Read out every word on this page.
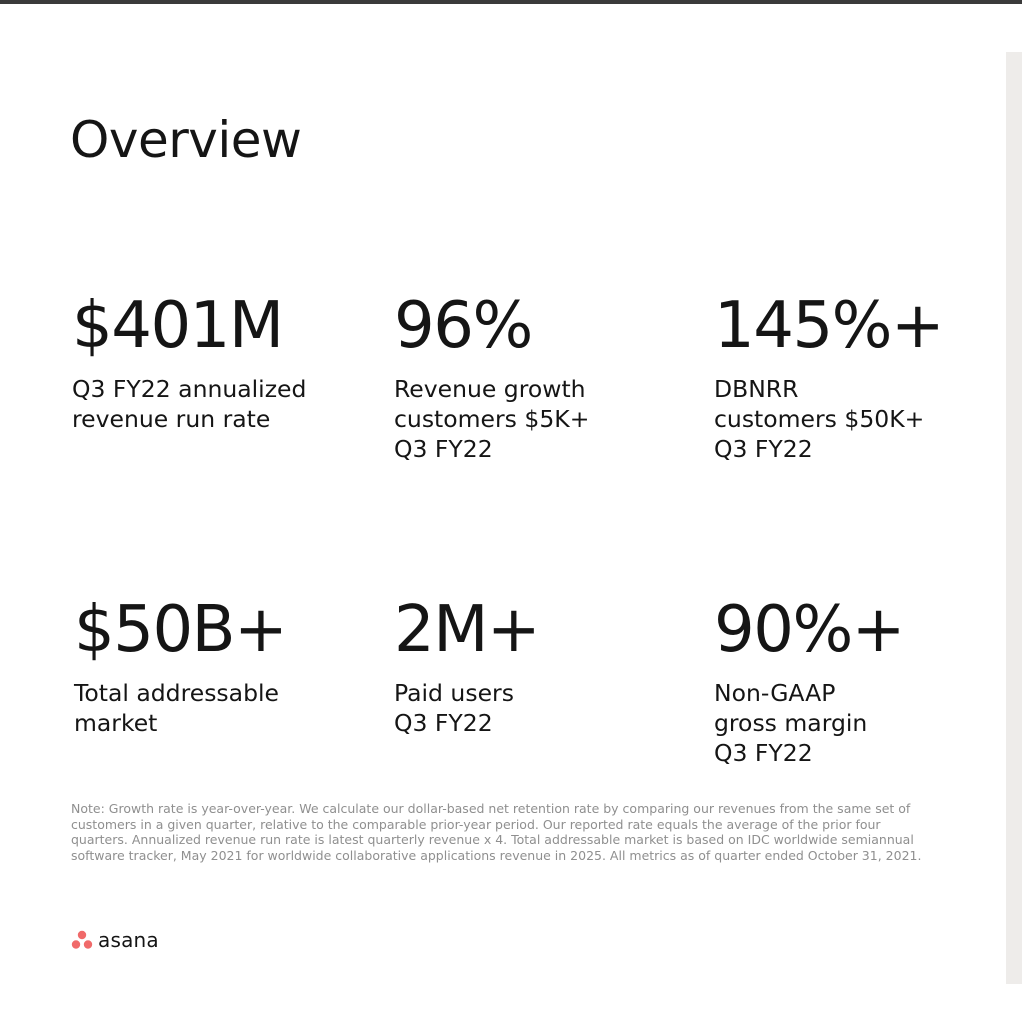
Overview
$401M
Q3 FY22 annualized
revenue run rate
96%
Revenue growth
customers $5K+
Q3 FY22
145%+
DBNRR
customers $50K+
Q3 FY22
$50B+
Total addressable
market
2M+
Paid users
Q3 FY22
90%+
Non-GAAP
gross margin
Q3 FY22

Note: Growth rate is year-over-year. We calculate our dollar-based net retention rate by comparing our revenues from the same set of customers in a given quarter, relative to the comparable prior-year period. Our reported rate equals the average of the prior four quarters. Annualized revenue run rate is latest quarterly revenue x 4. Total addressable market is based on IDC worldwide semiannual software tracker, May 2021 for worldwide collaborative applications revenue in 2025. All metrics as of quarter ended October 31, 2021.

asana
